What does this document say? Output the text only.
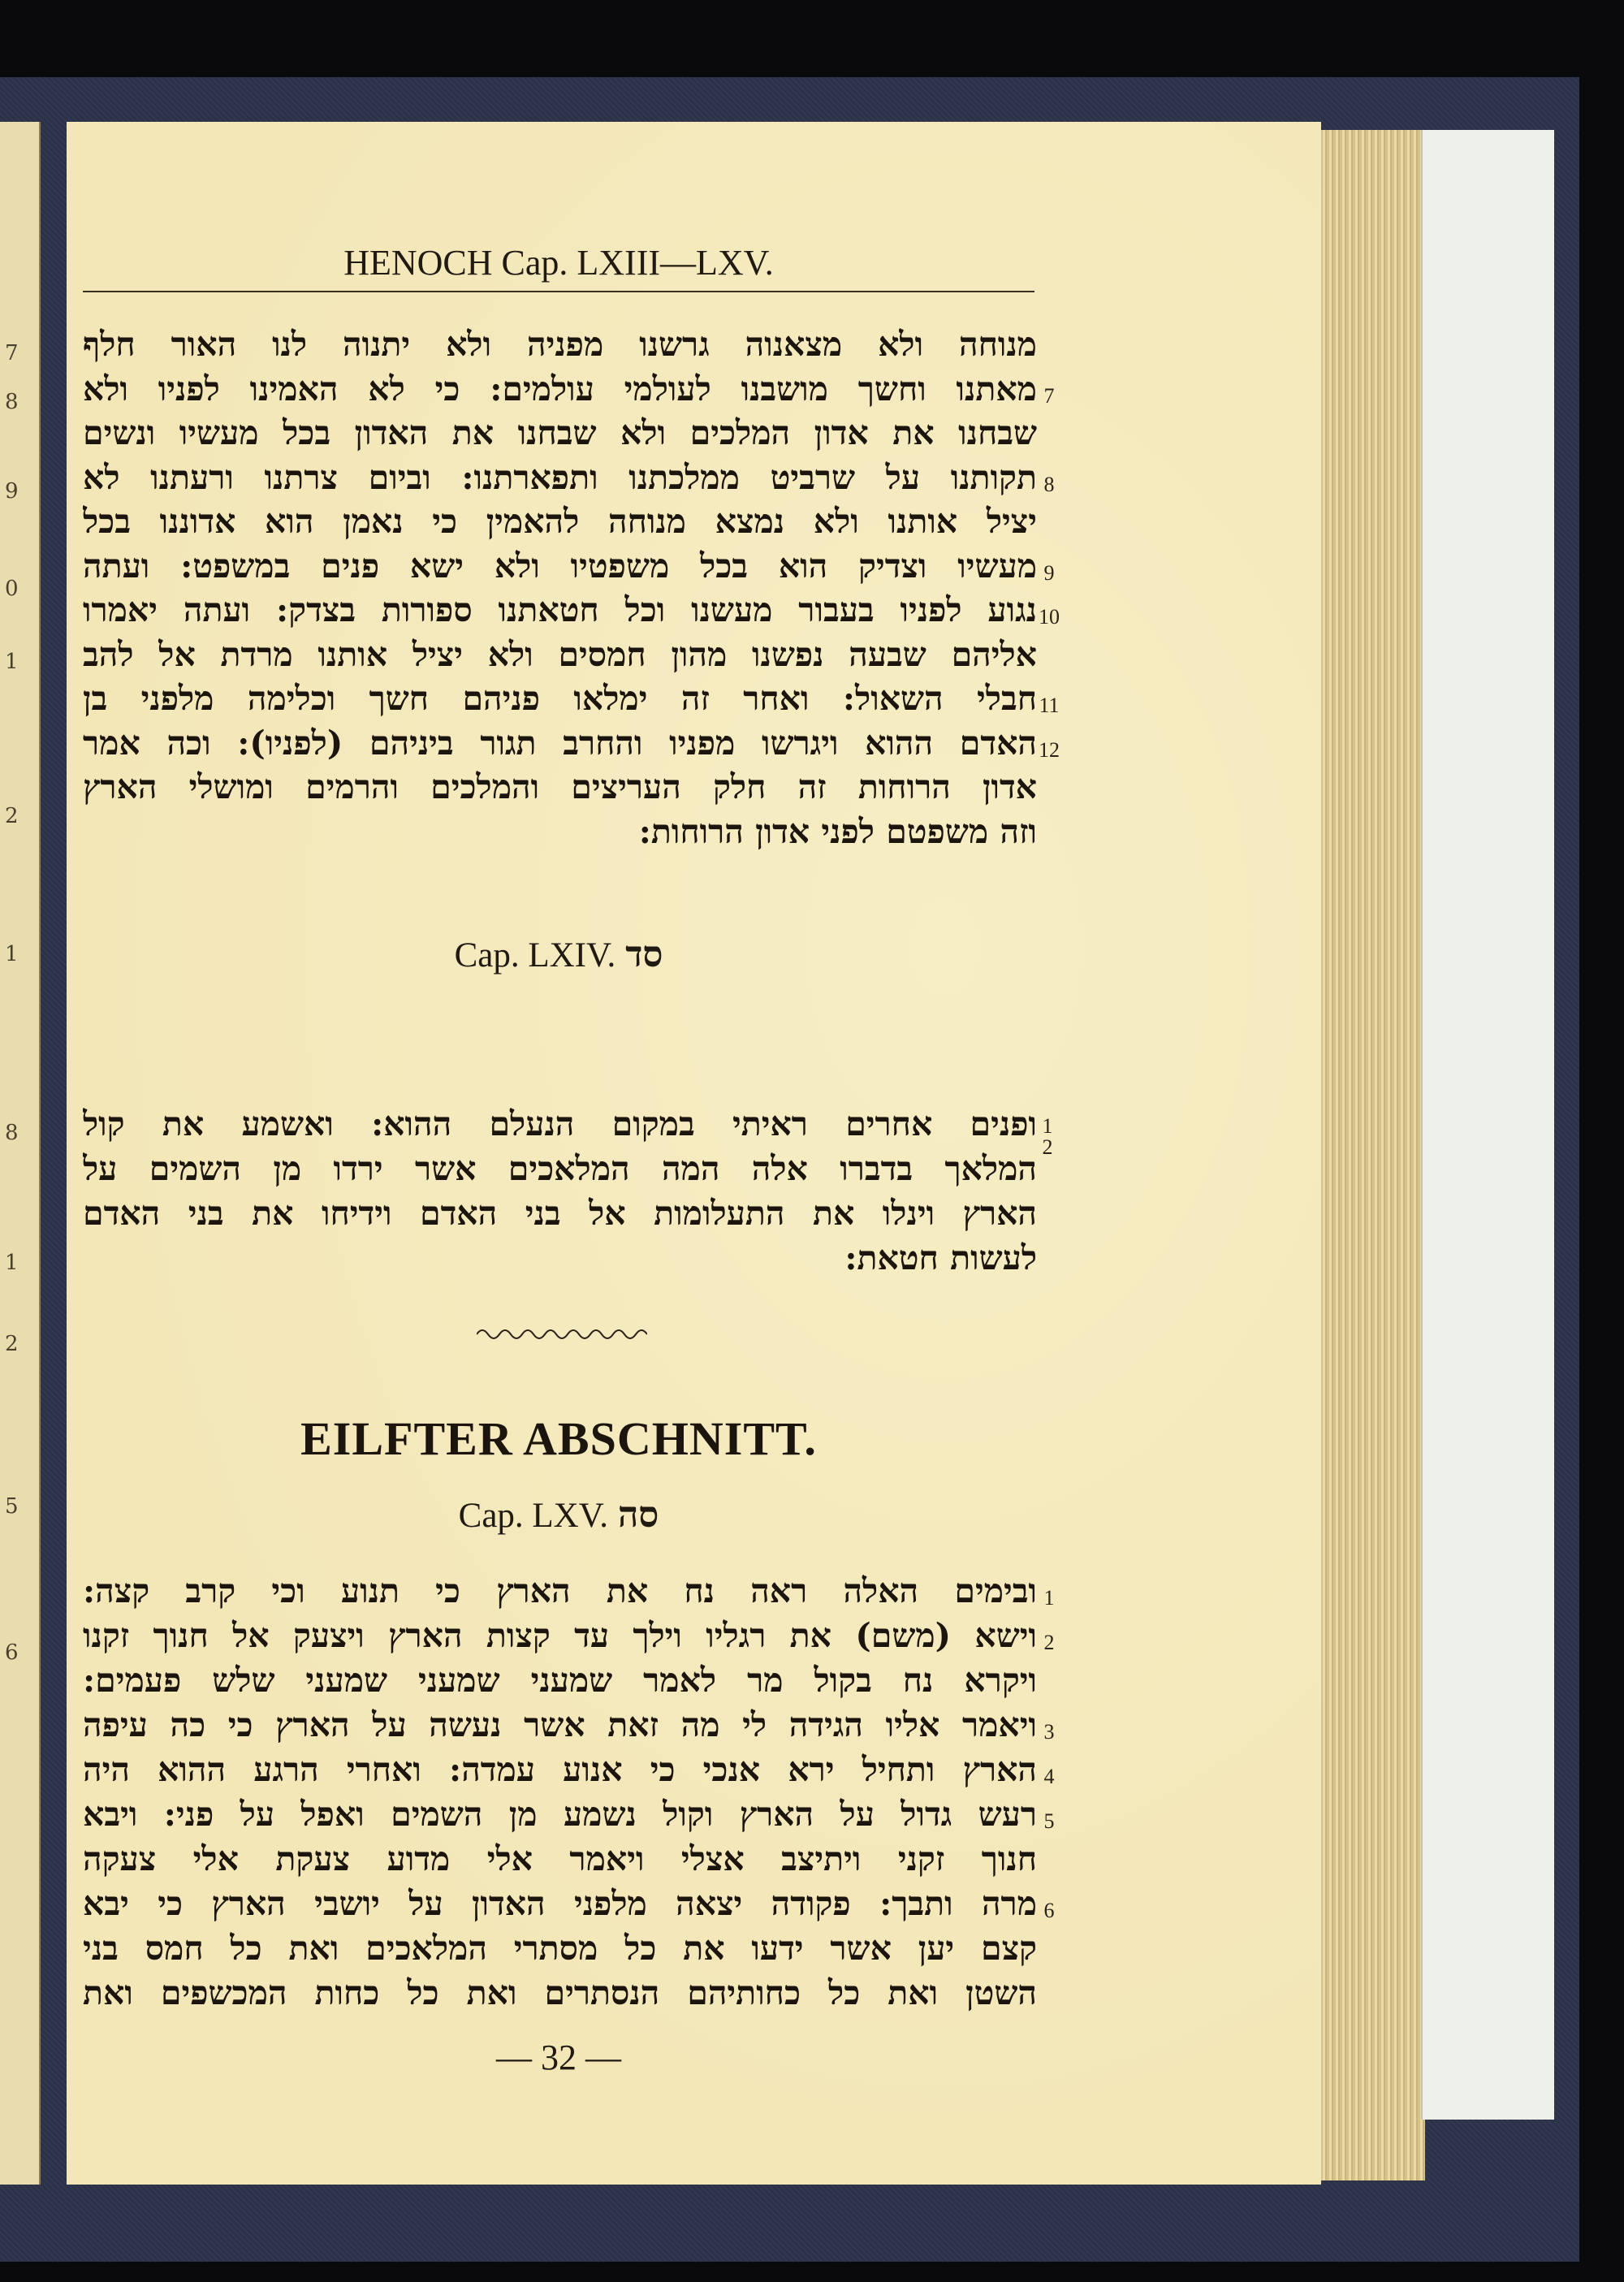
7
8
9
0
1
2
1
8
1
2
5
6
HENOCH Cap. LXIII—LXV.
Cap. LXIV. סד
1
2
EILFTER ABSCHNITT.
Cap. LXV. סה
— 32 —
מנוחה ולא מצאנוה גרשנו מפניה ולא יתנוה לנו האור חלף
מאתנו וחשך מושבנו לעולמי עולמים: כי לא האמינו לפניו ולא 7
שבחנו את אדון המלכים ולא שבחנו את האדון בכל מעשיו ונשים
תקותנו על שרביט ממלכתנו ותפארתנו: וביום צרתנו ורעתנו לא 8
יציל אותנו ולא נמצא מנוחה להאמין כי נאמן הוא אדוננו בכל
מעשיו וצדיק הוא בכל משפטיו ולא ישא פנים במשפט: ועתה 9
נגוע לפניו בעבור מעשנו וכל חטאתנו ספורות בצדק: ועתה יאמרו 10
אליהם שבעה נפשנו מהון חמסים ולא יציל אותנו מרדת אל להב
חבלי השאול: ואחר זה ימלאו פניהם חשך וכלימה מלפני בן 11
האדם ההוא ויגרשו מפניו והחרב תגור ביניהם (לפניו): וכה אמר 12
אדון הרוחות זה חלק העריצים והמלכים והרמים ומושלי הארץ
וזה משפטם לפני אדון הרוחות:
ופנים אחרים ראיתי במקום הנעלם ההוא: ואשמע את קול
המלאך בדברו אלה המה המלאכים אשר ירדו מן השמים על
הארץ וינלו את התעלומות אל בני האדם וידיחו את בני האדם
לעשות חטאת:
ובימים האלה ראה נח את הארץ כי תנוע וכי קרב קצה: 1
וישא (משם) את רגליו וילך עד קצות הארץ ויצעק אל חנוך זקנו 2
ויקרא נח בקול מר לאמר שמעני שמעני שמעני שלש פעמים:
ויאמר אליו הגידה לי מה זאת אשר נעשה על הארץ כי כה עיפה 3
הארץ ותחיל ירא אנכי כי אנוע עמדה: ואחרי הרגע ההוא היה 4
רעש גדול על הארץ וקול נשמע מן השמים ואפל על פני: ויבא 5
חנוך זקני ויתיצב אצלי ויאמר אלי מדוע צעקת אלי צעקה
מרה ותבך: פקודה יצאה מלפני האדון על יושבי הארץ כי יבא 6
קצם יען אשר ידעו את כל מסתרי המלאכים ואת כל חמס בני
השטן ואת כל כחותיהם הנסתרים ואת כל כחות המכשפים ואת
